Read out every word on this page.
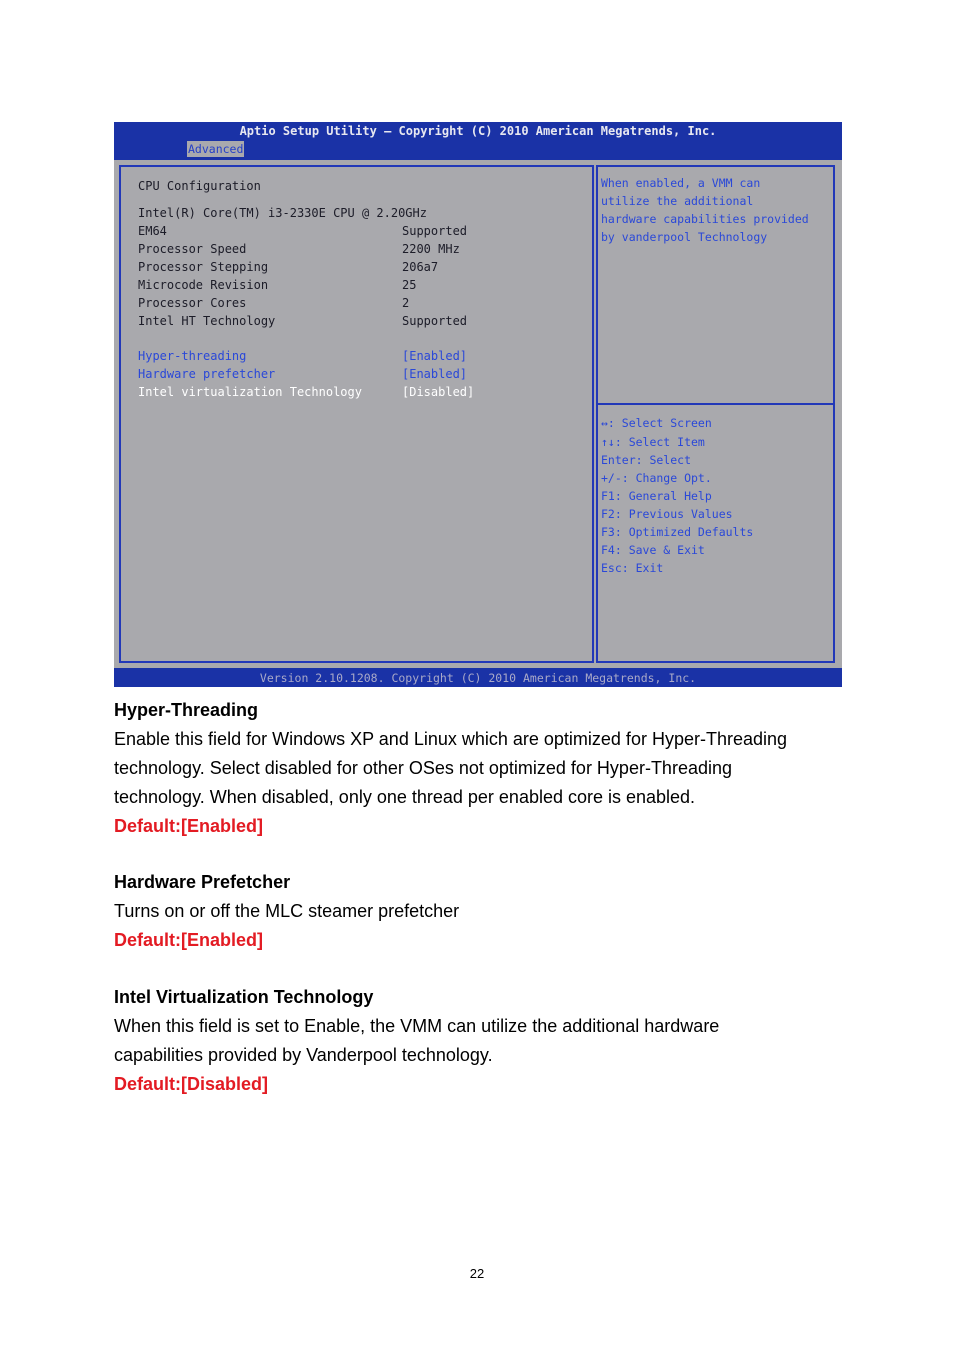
Aptio Setup Utility – Copyright (C) 2010 American Megatrends, Inc.
Advanced
CPU Configuration
Intel(R) Core(TM) i3-2330E CPU @ 2.20GHz
EM64	Supported
Processor Speed	2200 MHz
Processor Stepping	206a7
Microcode Revision	25
Processor Cores	2
Intel HT Technology	Supported
Hyper-threading	[Enabled]
Hardware prefetcher	[Enabled]
Intel virtualization Technology	[Disabled]
When enabled, a VMM can
utilize the additional
hardware capabilities provided
by vanderpool Technology
↔: Select Screen
↑↓: Select Item
Enter: Select
+/-: Change Opt.
F1: General Help
F2: Previous Values
F3: Optimized Defaults
F4: Save & Exit
Esc: Exit
Version 2.10.1208. Copyright (C) 2010 American Megatrends, Inc.
Hyper-Threading
Enable this field for Windows XP and Linux which are optimized for Hyper-Threading
technology. Select disabled for other OSes not optimized for Hyper-Threading
technology. When disabled, only one thread per enabled core is enabled.
Default:[Enabled]
Hardware Prefetcher
Turns on or off the MLC steamer prefetcher
Default:[Enabled]
Intel Virtualization Technology
When this field is set to Enable, the VMM can utilize the additional hardware
capabilities provided by Vanderpool technology.
Default:[Disabled]
22
